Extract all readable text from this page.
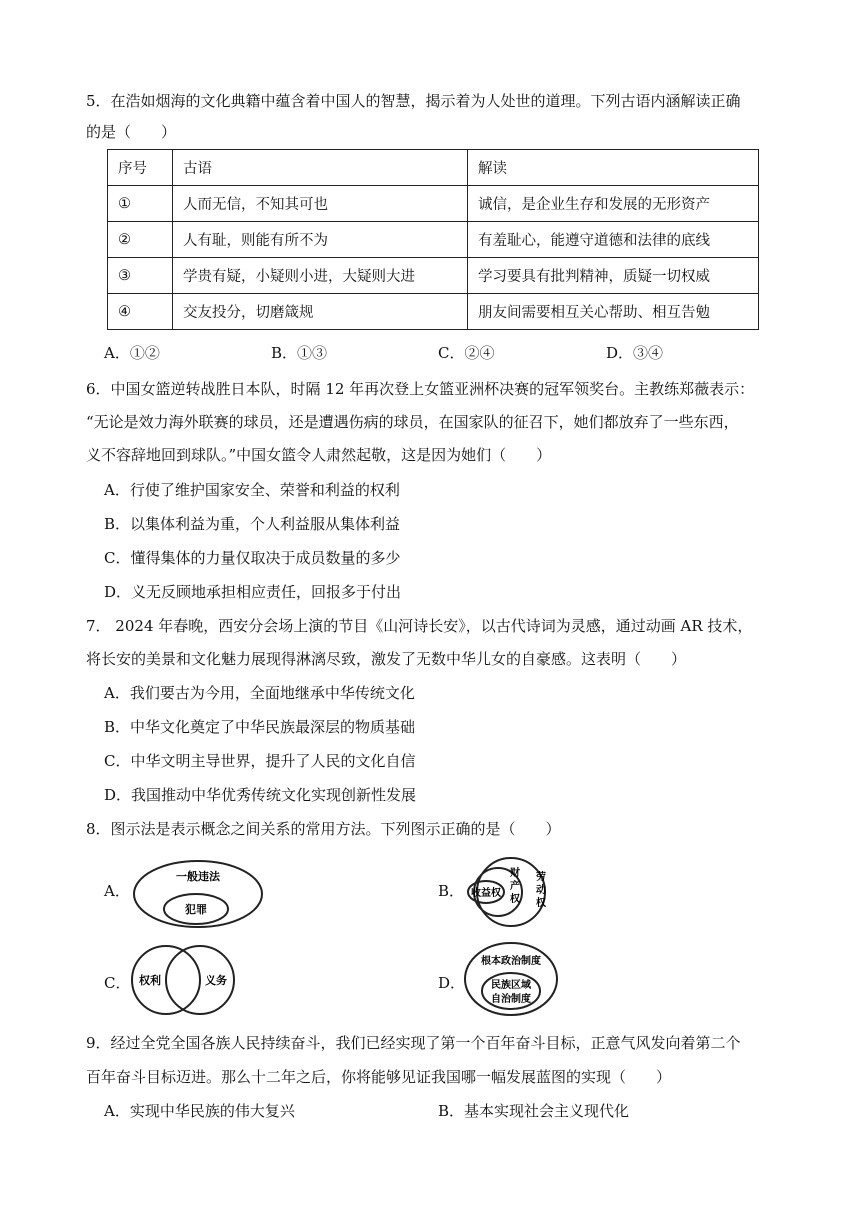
5．在浩如烟海的文化典籍中蕴含着中国人的智慧，揭示着为人处世的道理。下列古语内涵解读正确
的是（　　）
序号	古语	解读
①	人而无信，不知其可也	诚信，是企业生存和发展的无形资产
②	人有耻，则能有所不为	有羞耻心，能遵守道德和法律的底线
③	学贵有疑，小疑则小进，大疑则大进	学习要具有批判精神，质疑一切权威
④	交友投分，切磨箴规	朋友间需要相互关心帮助、相互告勉
A．①②	B．①③	C．②④	D．③④
6．中国女篮逆转战胜日本队，时隔 12 年再次登上女篮亚洲杯决赛的冠军领奖台。主教练郑薇表示：
“无论是效力海外联赛的球员，还是遭遇伤病的球员，在国家队的征召下，她们都放弃了一些东西，
义不容辞地回到球队。”中国女篮令人肃然起敬，这是因为她们（　　）
A．行使了维护国家安全、荣誉和利益的权利
B．以集体利益为重，个人利益服从集体利益
C．懂得集体的力量仅取决于成员数量的多少
D．义无反顾地承担相应责任，回报多于付出
7． 2024 年春晚，西安分会场上演的节目《山河诗长安》，以古代诗词为灵感，通过动画 AR 技术，
将长安的美景和文化魅力展现得淋漓尽致，激发了无数中华儿女的自豪感。这表明（　　）
A．我们要古为今用，全面地继承中华传统文化
B．中华文化奠定了中华民族最深层的物质基础
C．中华文明主导世界，提升了人民的文化自信
D．我国推动中华优秀传统文化实现创新性发展
8．图示法是表示概念之间关系的常用方法。下列图示正确的是（　　）
A．
一般违法
犯罪
B． 收益权
财
产
权
劳
动
权
C． 权利	义务	D．
根本政治制度
民族区域
自治制度
9．经过全党全国各族人民持续奋斗，我们已经实现了第一个百年奋斗目标，正意气风发向着第二个
百年奋斗目标迈进。那么十二年之后，你将能够见证我国哪一幅发展蓝图的实现（　　）
A．实现中华民族的伟大复兴	B．基本实现社会主义现代化
